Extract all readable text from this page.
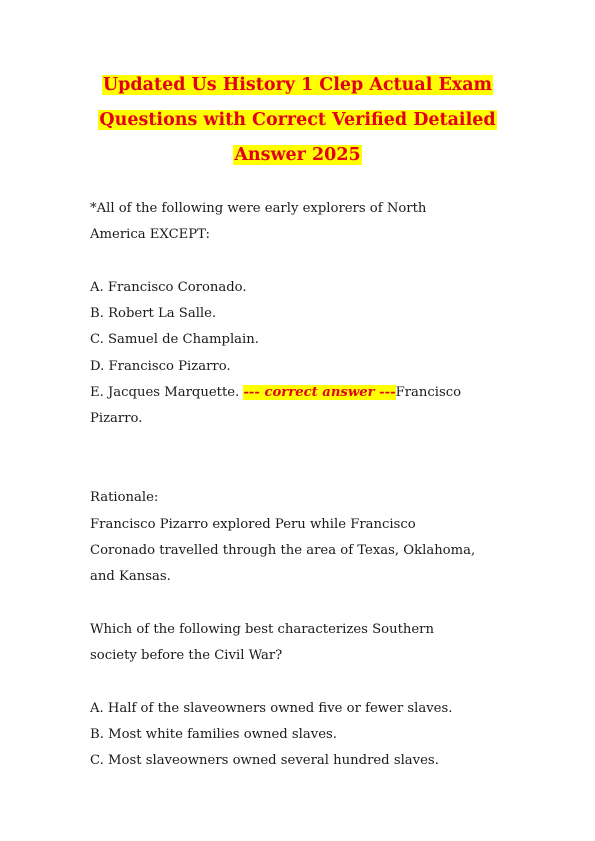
Updated Us History 1 Clep Actual Exam
Questions with Correct Verified Detailed
Answer 2025
*All of the following were early explorers of North
America EXCEPT:
A. Francisco Coronado.
B. Robert La Salle.
C. Samuel de Champlain.
D. Francisco Pizarro.
E. Jacques Marquette. --- correct answer ---Francisco
Pizarro.
Rationale:
Francisco Pizarro explored Peru while Francisco
Coronado travelled through the area of Texas, Oklahoma,
and Kansas.
Which of the following best characterizes Southern
society before the Civil War?
A. Half of the slaveowners owned five or fewer slaves.
B. Most white families owned slaves.
C. Most slaveowners owned several hundred slaves.
